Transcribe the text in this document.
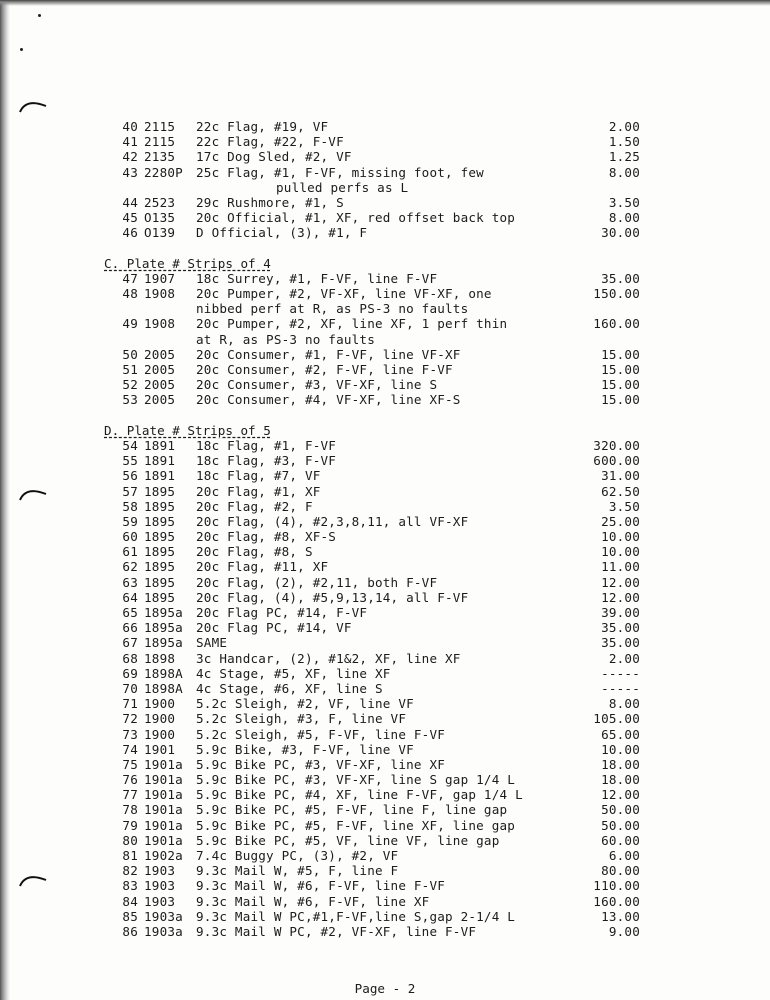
40 2115 22c Flag, #19, VF	2.00
41 2115 22c Flag, #22, F-VF	1.50
42 2135 17c Dog Sled, #2, VF	1.25
43 2280P 25c Flag, #1, F-VF, missing foot, few	8.00
pulled perfs as L
44 2523 29c Rushmore, #1, S	3.50
45 O135 20c Official, #1, XF, red offset back top	8.00
46 O139 D Official, (3), #1, F	30.00
C. Plate # Strips of 4
47 1907 18c Surrey, #1, F-VF, line F-VF	35.00
48 1908 20c Pumper, #2, VF-XF, line VF-XF, one	150.00
nibbed perf at R, as PS-3 no faults
49 1908 20c Pumper, #2, XF, line XF, 1 perf thin	160.00
at R, as PS-3 no faults
50 2005 20c Consumer, #1, F-VF, line VF-XF	15.00
51 2005 20c Consumer, #2, F-VF, line F-VF	15.00
52 2005 20c Consumer, #3, VF-XF, line S	15.00
53 2005 20c Consumer, #4, VF-XF, line XF-S	15.00
D. Plate # Strips of 5
54 1891 18c Flag, #1, F-VF	320.00
55 1891 18c Flag, #3, F-VF	600.00
56 1891 18c Flag, #7, VF	31.00
57 1895 20c Flag, #1, XF	62.50
58 1895 20c Flag, #2, F	3.50
59 1895 20c Flag, (4), #2,3,8,11, all VF-XF	25.00
60 1895 20c Flag, #8, XF-S	10.00
61 1895 20c Flag, #8, S	10.00
62 1895 20c Flag, #11, XF	11.00
63 1895 20c Flag, (2), #2,11, both F-VF	12.00
64 1895 20c Flag, (4), #5,9,13,14, all F-VF	12.00
65 1895a 20c Flag PC, #14, F-VF	39.00
66 1895a 20c Flag PC, #14, VF	35.00
67 1895a SAME	35.00
68 1898 3c Handcar, (2), #1&2, XF, line XF	2.00
69 1898A 4c Stage, #5, XF, line XF	-----
70 1898A 4c Stage, #6, XF, line S	-----
71 1900 5.2c Sleigh, #2, VF, line VF	8.00
72 1900 5.2c Sleigh, #3, F, line VF	105.00
73 1900 5.2c Sleigh, #5, F-VF, line F-VF	65.00
74 1901 5.9c Bike, #3, F-VF, line VF	10.00
75 1901a 5.9c Bike PC, #3, VF-XF, line XF	18.00
76 1901a 5.9c Bike PC, #3, VF-XF, line S gap 1/4 L	18.00
77 1901a 5.9c Bike PC, #4, XF, line F-VF, gap 1/4 L	12.00
78 1901a 5.9c Bike PC, #5, F-VF, line F, line gap	50.00
79 1901a 5.9c Bike PC, #5, F-VF, line XF, line gap	50.00
80 1901a 5.9c Bike PC, #5, VF, line VF, line gap	60.00
81 1902a 7.4c Buggy PC, (3), #2, VF	6.00
82 1903 9.3c Mail W, #5, F, line F	80.00
83 1903 9.3c Mail W, #6, F-VF, line F-VF	110.00
84 1903 9.3c Mail W, #6, F-VF, line XF	160.00
85 1903a 9.3c Mail W PC,#1,F-VF,line S,gap 2-1/4 L	13.00
86 1903a 9.3c Mail W PC, #2, VF-XF, line F-VF	9.00
Page - 2
